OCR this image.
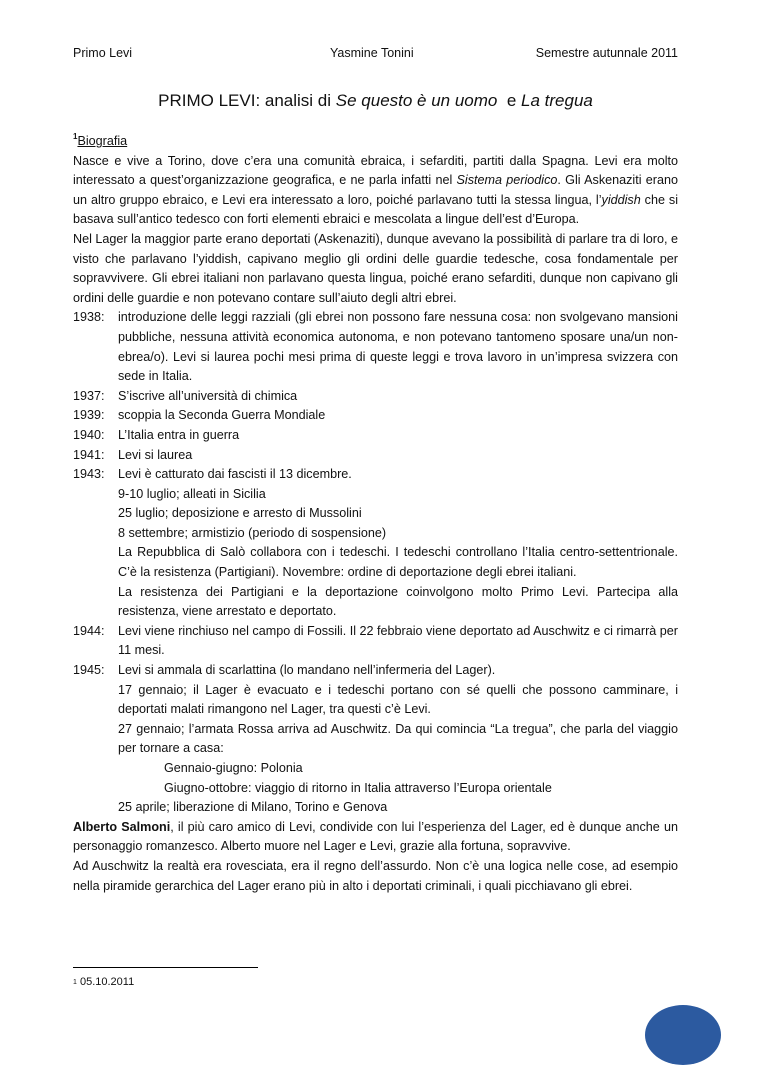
Primo Levi	Yasmine Tonini	Semestre autunnale 2011
PRIMO LEVI: analisi di Se questo è un uomo  e La tregua
$^1$Biografia

Nasce e vive a Torino, dove c’era una comunità ebraica, i sefarditi, partiti dalla Spagna. Levi era molto interessato a quest’organizzazione geografica, e ne parla infatti nel Sistema periodico. Gli Askenaziti erano un altro gruppo ebraico, e Levi era interessato a loro, poiché parlavano tutti la stessa lingua, l’yiddish che si basava sull’antico tedesco con forti elementi ebraici e mescolata a lingue dell’est d’Europa.

Nel Lager la maggior parte erano deportati (Askenaziti), dunque avevano la possibilità di parlare tra di loro, e visto che parlavano l’yiddish, capivano meglio gli ordini delle guardie tedesche, cosa fondamentale per sopravvivere. Gli ebrei italiani non parlavano questa lingua, poiché erano sefarditi, dunque non capivano gli ordini delle guardie e non potevano contare sull’aiuto degli altri ebrei.

1938:	introduzione delle leggi razziali (gli ebrei non possono fare nessuna cosa: non svolgevano mansioni pubbliche, nessuna attività economica autonoma, e non potevano tantomeno sposare una/un non-ebrea/o). Levi si laurea pochi mesi prima di queste leggi e trova lavoro in un’impresa svizzera con sede in Italia.
1937:	S’iscrive all’università di chimica
1939:	scoppia la Seconda Guerra Mondiale
1940:	L’Italia entra in guerra
1941:	Levi si laurea
1943:	Levi è catturato dai fascisti il 13 dicembre.
9-10 luglio; alleati in Sicilia
25 luglio; deposizione e arresto di Mussolini
8 settembre; armistizio (periodo di sospensione)
La Repubblica di Salò collabora con i tedeschi. I tedeschi controllano l’Italia centro-settentrionale. C’è la resistenza (Partigiani). Novembre: ordine di deportazione degli ebrei italiani.
La resistenza dei Partigiani e la deportazione coinvolgono molto Primo Levi. Partecipa alla resistenza, viene arrestato e deportato.
1944:	Levi viene rinchiuso nel campo di Fossili. Il 22 febbraio viene deportato ad Auschwitz e ci rimarrà per 11 mesi.
1945:	Levi si ammala di scarlattina (lo mandano nell’infermeria del Lager).
17 gennaio; il Lager è evacuato e i tedeschi portano con sé quelli che possono camminare, i deportati malati rimangono nel Lager, tra questi c’è Levi.
27 gennaio; l’armata Rossa arriva ad Auschwitz. Da qui comincia “La tregua”, che parla del viaggio per tornare a casa:
Gennaio-giugno: Polonia
Giugno-ottobre: viaggio di ritorno in Italia attraverso l’Europa orientale
25 aprile; liberazione di Milano, Torino e Genova

Alberto Salmoni, il più caro amico di Levi, condivide con lui l’esperienza del Lager, ed è dunque anche un personaggio romanzesco. Alberto muore nel Lager e Levi, grazie alla fortuna, sopravvive.

Ad Auschwitz la realtà era rovesciata, era il regno dell’assurdo. Non c’è una logica nelle cose, ad esempio nella piramide gerarchica del Lager erano più in alto i deportati criminali, i quali picchiavano gli ebrei.

$^1$ 05.10.2011
